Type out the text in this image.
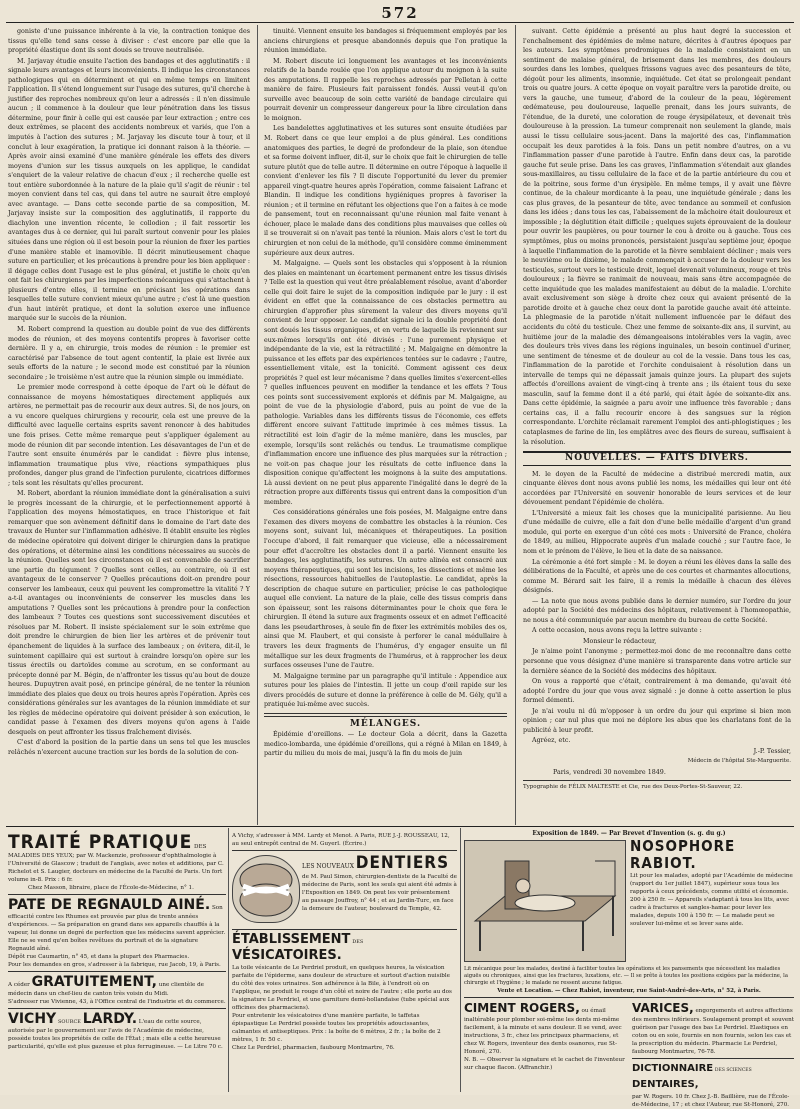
572

goniste d'une puissance inhérente à la vie, la contraction tonique des tissus qu'elle tend sans cesse à diviser : c'est encore par elle que la propriété élastique dont ils sont doués se trouve neutralisée.

M. Jarjavay étudie ensuite l'action des bandages et des agglutinatifs : il signale leurs avantages et leurs inconvénients. Il indique les circonstances pathologiques qui en déterminent et qui en même temps en limitent l'application. Il s'étend longuement sur l'usage des sutures, qu'il cherche à justifier des reproches nombreux qu'on leur a adressés : il n'en dissimule aucun ; il commence à la douleur que leur pénétration dans les tissus détermine, pour finir à celle qui est causée par leur extraction ; entre ces deux extrêmes, se placent des accidents nombreux et variés, que l'on a imputés à l'action des sutures ; M. Jarjavay les discute tour à tour, et il conclut à leur exagération, la pratique ici donnant raison à la théorie. — Après avoir ainsi examiné d'une manière générale les effets des divers moyens d'union sur les tissus auxquels on les applique, le candidat s'enquiert de la valeur relative de chacun d'eux ; il recherche quelle est tout entière subordonnée à la nature de la plaie qu'il s'agit de réunir : tel moyen convient dans tel cas, qui dans tel autre ne saurait être employé avec avantage. — Dans cette seconde partie de sa composition, M. Jarjavay insiste sur la composition des agglutinatifs, il rapporte du diachylon une invention récente, le collodion ; il fait ressortir les avantages dus à ce dernier, qui lui paraît surtout convenir pour les plaies situées dans une région où il est besoin pour la réunion de fixer les parties d'une manière stable et inamovible. Il décrit minutieusement chaque suture en particulier, et les précautions à prendre pour les bien appliquer : il dégage celles dont l'usage est le plus général, et justifie le choix qu'en ont fait les chirurgiens par les imperfections mécaniques qui s'attachent à plusieurs d'entre elles, il termine en précisant les opérations dans lesquelles telle suture convient mieux qu'une autre ; c'est là une question d'un haut intérêt pratique, et dont la solution exerce une influence marquée sur le succès de la réunion.

M. Robert comprend la question au double point de vue des différents modes de réunion, et des moyens contentifs propres à favoriser cette dernière. Il y a, en chirurgie, trois modes de réunion : le premier est caractérisé par l'absence de tout agent contentif, la plaie est livrée aux seuls efforts de la nature ; le second mode est constitué par la réunion secondaire ; le troisième n'est autre que la réunion simple ou immédiate.

Le premier mode correspond à cette époque de l'art où le défaut de connaissance de moyens hémostatiques directement appliqués aux artères, ne permettait pas de recourir aux deux autres. Si, de nos jours, on a vu encore quelques chirurgiens y recourir, cela est une preuve de la difficulté avec laquelle certains esprits savent renoncer à des habitudes une fois prises. Cette même remarque peut s'appliquer également au mode de réunion dit par seconde intention. Les désavantages de l'un et de l'autre sont ensuite énumérés par le candidat : fièvre plus intense, inflammation traumatique plus vive, réactions sympathiques plus profondes, danger plus grand de l'infection purulente, cicatrices difformes ; tels sont les résultats qu'elles procurent.

M. Robert, abordant la réunion immédiate dont la généralisation a suivi le progrès incessant de la chirurgie, et le perfectionnement apporté à l'application des moyens hémostatiques, en trace l'historique et fait remarquer que son avènement définitif dans le domaine de l'art date des travaux de Hunter sur l'inflammation adhésive. Il établit ensuite les règles de médecine opératoire qui doivent diriger le chirurgien dans la pratique des opérations, et détermine ainsi les conditions nécessaires au succès de la réunion. Quelles sont les circonstances où il est convenable de sacrifier une partie du tégument ? Quelles sont celles, au contraire, où il est avantageux de le conserver ? Quelles précautions doit-on prendre pour conserver les lambeaux, ceux qui peuvent les compromettre la vitalité ? Y a-t-il avantages ou inconvénients de conserver les muscles dans les amputations ? Quelles sont les précautions à prendre pour la confection des lambeaux ? Toutes ces questions sont successivement discutées et résolues par M. Robert. Il insiste spécialement sur le soin extrême que doit prendre le chirurgien de bien lier les artères et de prévenir tout épanchement de liquides à la surface des lambeaux ; on évitera, dit-il, le suintement capillaire qui est surtout à craindre lorsqu'on opère sur les tissus érectils ou dartoïdes comme au scrotum, en se conformant au précepte donné par M. Bégin, de n'affronter les tissus qu'au bout de douze heures. Dupuytren avait posé, en principe général, de ne tenter la réunion immédiate des plaies que deux ou trois heures après l'opération. Après ces considérations générales sur les avantages de la réunion immédiate et sur les règles de médecine opératoire qui doivent présider à son exécution, le candidat passe à l'examen des divers moyens qu'on agens à l'aide desquels on peut affronter les tissus fraîchement divisés.

C'est d'abord la position de la partie dans un sens tel que les muscles relâchés n'exercent aucune traction sur les bords de la solution de con-

tinuité. Viennent ensuite les bandages si fréquemment employés par les anciens chirurgiens et presque abandonnés depuis que l'on pratique la réunion immédiate.

M. Robert discute ici longuement les avantages et les inconvénients relatifs de la bande roulée que l'on applique autour du moignon à la suite des amputations. Il rappelle les reproches adressés par Pelletan à cette manière de faire. Plusieurs fait paraissent fondés. Aussi veut-il qu'on surveille avec beaucoup de soin cette variété de bandage circulaire qui pourrait devenir un compresseur dangereux pour la libre circulation dans le moignon.

Les bandelettes agglutinatives et les sutures sont ensuite étudiées par M. Robert dans ce que leur emploi a de plus général. Les conditions anatomiques des parties, le degré de profondeur de la plaie, son étendue et sa forme doivent influer, dit-il, sur le choix que fait le chirurgien de telle suture plutôt que de telle autre. Il détermine en outre l'époque à laquelle il convient d'enlever les fils ? Il discute l'opportunité du lever du premier appareil vingt-quatre heures après l'opération, comme faisaient Lafranc et Blandin. Il indique les conditions hygiéniques propres à favoriser la réunion ; et il termine en réfutant les objections que l'on a faites à ce mode de pansement, tout en reconnaissant qu'une réunion mal faite venant à échouer, place le malade dans des conditions plus mauvaises que celles où il se trouverait si on n'avait pas tenté la réunion. Mais alors c'est le tort du chirurgien et non celui de la méthode, qu'il considère comme éminemment supérieure aux deux autres.

M. Malgaigne. — Quels sont les obstacles qui s'opposent à la réunion des plaies en maintenant un écartement permanent entre les tissus divisés ? Telle est la question qui veut être préalablement résolue, avant d'aborder celle qui doit faire le sujet de la composition indiquée par le jury : il est évident en effet que la connaissance de ces obstacles permettra au chirurgien d'approfier plus sûrement la valeur des divers moyens qu'il convient de leur opposer. Le candidat signale ici la double propriété dont sont doués les tissus organiques, et en vertu de laquelle ils reviennent sur eux-mêmes lorsqu'ils ont été divisés : l'une purement physique et indépendante de la vie, est la rétractilité ; M. Malgaigne en démontre la puissance et les effets par des expériences tentées sur le cadavre ; l'autre, essentiellement vitale, est la tonicité. Comment agissent ces deux propriétés ? quel est leur mécanisme ? dans quelles limites s'exercent-elles ? quelles influences peuvent en modifier la tendance et les effets ? Tous ces points sont successivement explorés et définis par M. Malgaigne, au point de vue de la physiologie d'abord, puis au point de vue de la pathologie. Variables dans les différents tissus de l'économie, ces effets diffèrent encore suivant l'attitude imprimée à ces mêmes tissus. La rétractilité est loin d'agir de la même manière, dans les muscles, par exemple, lorsqu'ils sont relâchés ou tendus. Le traumatisme complique d'inflammation encore une influence des plus marquées sur la rétraction ; ne voit-on pas chaque jour les résultats de cette influence dans la disposition conique qu'affectent les moignons à la suite des amputations. Là aussi devient on ne peut plus apparente l'inégalité dans le degré de la rétraction propre aux différents tissus qui entrent dans la composition d'un membre.

Ces considérations générales une fois posées, M. Malgaigne entre dans l'examen des divers moyens de combattre les obstacles à la réunion. Ces moyens sont, suivant lui, mécaniques et thérapeutiques. La position l'occupe d'abord, il fait remarquer que vicieuse, elle a nécessairement pour effet d'accroître les obstacles dont il a parlé. Viennent ensuite les bandages, les agglutinatifs, les sutures. Un autre alinéa est consacré aux moyens thérapeutiques, qui sont les incisions, les dissections et même les résections, ressources habituelles de l'autoplastie. Le candidat, après la description de chaque suture en particulier, précise le cas pathologique auquel elle convient. La nature de la plaie, celle des tissus compris dans son épaisseur, sont les raisons déterminantes pour le choix que fera le chirurgien. Il étend la suture aux fragments osseux et en admet l'efficacité dans les pseudarthroses, à seule fin de fixer les extrémités mobiles des os, ainsi que M. Flaubert, et qui consiste à perforer le canal médullaire à travers les deux fragments de l'humérus, d'y engager ensuite un fil métallique sur les deux fragments de l'humérus, et à rapprocher les deux surfaces osseuses l'une de l'autre.

M. Malgaigne termine par un paragraphe qu'il intitule : Appendice aux sutures pour les plaies de l'intestin. Il jette un coup d'œil rapide sur les divers procédés de suture et donne la préférence à celle de M. Gély, qu'il a pratiquée lui-même avec succès.

MÉLANGES.

Épidémie d'oreillons. — Le docteur Gola a décrit, dans la Gazetta medico-lombarda, une épidémie d'oreillons, qui a régné à Milan en 1849, à partir du milieu du mois de mai, jusqu'à la fin du mois de juin

suivant. Cette épidémie a présenté au plus haut degré la succession et l'enchaînement des épidémies de même nature, décrites à d'autres époques par les auteurs. Les symptômes prodromiques de la maladie consistaient en un sentiment de malaise général, de brisement dans les membres, des douleurs sourdes dans les lombes, quelques frissons vagues avec des pesanteurs de tête, dégoût pour les aliments, insomnie, inquiétude. Cet état se prolongeait pendant trois ou quatre jours. A cette époque on voyait paraître vers la parotide droite, ou vers la gauche, une tumeur, d'abord de la couleur de la peau, légèrement œdémateuse, peu douloureuse, laquelle prenait, dans les jours suivants, de l'étendue, de la dureté, une coloration de rouge érysipélateux, et devenait très douloureuse à la pression. La tumeur comprenait non seulement la glande, mais aussi le tissu cellulaire sous-jacent. Dans la majorité des cas, l'inflammation occupait les deux parotides à la fois. Dans un petit nombre d'autres, on a vu l'inflammation passer d'une parotide à l'autre. Enfin dans deux cas, la parotide gauche fut seule prise. Dans les cas graves, l'inflammation s'étendait aux glandes sous-maxillaires, au tissu cellulaire de la face et de la partie antérieure du cou et de la poitrine, sous forme d'un érysipèle. En même temps, il y avait une fièvre continue, de la chaleur mordicante à la peau, une inquiétude générale ; dans les cas plus graves, de la pesanteur de tête, avec tendance au sommeil et confusion dans les idées ; dans tous les cas, l'abaissement de la mâchoire était douloureux et impossible ; la déglutition était difficile ; quelques sujets éprouvaient de la douleur pour ouvrir les paupières, ou pour tourner le cou à droite ou à gauche. Tous ces symptômes, plus ou moins prononcés, persistaient jusqu'au septième jour, époque à laquelle l'inflammation de la parotide et la fièvre semblaient décliner ; mais vers le neuvième ou le dixième, le malade commençait à accuser de la douleur vers les testicules, surtout vers le testicule droit, lequel devenait volumineux, rouge et très douloureux ; la fièvre se ranimait de nouveau, mais sans être accompagnée de cette inquiétude que les malades manifestaient au début de la maladie. L'orchite avait exclusivement son siège à droite chez ceux qui avaient présenté de la parotide droite et à gauche chez ceux dont la parotide gauche avait été atteinte. La phlegmasie de la parotide n'était nullement influencée par le défaut des accidents du côté du testicule. Chez une femme de soixante-dix ans, il survint, au huitième jour de la maladie des démangeaisons intolérables vers la vagin, avec des douleurs très vives dans les régions inguinales, un besoin continuel d'uriner, une sentiment de ténesme et de douleur au col de la vessie. Dans tous les cas, l'inflammation de la parotide et l'orchite conduisaient à résolution dans un intervalle de temps qui ne dépassait jamais quinze jours. La plupart des sujets affectés d'oreillons avaient de vingt-cinq à trente ans ; ils étaient tous du sexe masculin, sauf la femme dont il a été parlé, qui était âgée de soixante-dix ans. Dans cette épidémie, la saignée a paru avoir une influence très favorable ; dans certains cas, il a fallu recourir encore à des sangsues sur la région correspondante. L'orchite réclamait rarement l'emploi des anti-phlogistiques ; les cataplasmes de farine de lin, les emplâtres avec des fleurs de sureau, suffisaient à la résolution.

NOUVELLES. — FAITS DIVERS.

M. le doyen de la Faculté de médecine a distribué mercredi matin, aux cinquante élèves dont nous avons publié les noms, les médailles qui leur ont été accordées par l'Université en souvenir honorable de leurs services et de leur dévouement pendant l'épidémie de choléra.

L'Université a mieux fait les choses que la municipalité parisienne. Au lieu d'une médaille de cuivre, elle a fait don d'une belle médaille d'argent d'un grand module, qui porte en exergue d'un côté ces mots : Université de France, choléra de 1849, au milieu, Hippocrate auprès d'un malade couché ; sur l'autre face, le nom et le prénom de l'élève, le lieu et la date de sa naissance.

La cérémonie a été fort simple : M. le doyen a réuni les élèves dans la salle des délibérations de la Faculté, et après une de ces courtes et charmantes allocutions, comme M. Bérard sait les faire, il a remis la médaille à chacun des élèves désignés.

— La note que nous avons publiée dans le dernier numéro, sur l'ordre du jour adopté par la Société des médecins des hôpitaux, relativement à l'homœopathie, ne nous a été communiquée par aucun membre du bureau de cette Société.

A cette occasion, nous avons reçu la lettre suivante :

Monsieur le rédacteur,

Je n'aime point l'anonyme ; permettez-moi donc de me reconnaître dans cette personne que vous désignez d'une manière si transparente dans votre article sur la dernière séance de la Société des médecins des hôpitaux.

On vous a rapporté que c'était, contrairement à ma demande, qu'avait été adopté l'ordre du jour que vous avez signalé : je donne à cette assertion le plus formel démenti.

Je n'ai voulu ni dû m'opposer à un ordre du jour qui exprime si bien mon opinion ; car nul plus que moi ne déplore les abus que les charlatans font de la publicité à leur profit.

Agréez, etc.

J.-P. Tessier,

Médecin de l'hôpital Ste-Marguerite.

Paris, vendredi 30 novembre 1849.

Typographie de FÉLIX MALTESTE et Cie, rue des Deux-Portes-St-Sauveur, 22.

TRAITÉ PRATIQUE DES MALADIES DES YEUX; par W. Mackenzie, professeur d'ophthalmologie à l'Université de Glascow ; traduit de l'anglais, avec notes et additions, par C. Richelot et S. Laugier, docteurs en médecine de la Faculté de Paris. Un fort volume in-8. Prix : 6 fr.
Chez Masson, libraire, place de l'École-de-Médecine, n° 1.
PATE DE REGNAULD AINÉ. Son efficacité contre les Rhumes est prouvée par plus de trente années d'expériences. — Sa préparation en grand dans ses appareils chauffés à la vapeur, lui donne un degré de perfection que les médecins savent apprécier.
Elle ne se vend qu'en boîtes revêtues du portrait et de la signature Regnauld aîné.
Dépôt rue Caumartin, n° 45, et dans la plupart des Pharmacies.
Pour les demandes en gros, s'adresser à la fabrique, rue Jacob, 19, à Paris.
A céder GRATUITEMENT, une clientèle de médecin dans un chef-lieu de canton très voisin du Midi.
S'adresser rue Vivienne, 43, à l'Office central de l'industrie et du commerce.
VICHY SOURCE LARDY. L'eau de cette source, autorisée par le gouvernement sur l'avis de l'Académie de médecine, possède toutes les propriétés de celle de l'État ; mais elle a cette heureuse particularité, qu'elle est plus gazeuse et plus ferrugineuse. — Le Litre 70 c.
A Vichy, s'adresser à MM. Lardy et Menot. A Paris, RUE J.-J. ROUSSEAU, 12, au seul entrepôt central de M. Guyerl. (Écrire.)
LES NOUVEAUX DENTIERS
de M. Paul Simon, chirurgien-dentiste de la Faculté de médecine de Paris, sont les seuls qui aient été admis à l'Exposition en 1849. On peut les voir présentement au passage Jouffroy, n° 44 ; et au Jardin-Turc, en face la demeure de l'auteur, boulevard du Temple, 42.
ÉTABLISSEMENT DES VÉSICATOIRES.
La toile vésicante de Le Perdriel produit, en quelques heures, la vésication parfaite de l'épiderme, sans douleur de structure et surtout d'action nuisible du côté des voies urinaires. Son adhérence à la Bile, à l'endroit où on l'applique, ne produit le rouge d'un côté et noire de l'autre ; elle porte au dos la signature Le Perdriel, et une garniture demi-hollandaise (tube spécial aux officines des pharmaciens).
Pour entretenir les vésicatoires d'une manière parfaite, le taffetas épispastique Le Perdriel possède toutes les propriétés adoucissantes, calmantes et antiseptiques. Prix : la boîte de 6 mètres, 2 fr. ; la boîte de 2 mètres, 1 fr. 50 c.
Chez Le Perdriel, pharmacien, faubourg Montmartre, 76.
Exposition de 1849. — Par Brevet d'Invention (s. g. du g.)
NOSOPHORE RABIOT.
Lit pour les malades, adopté par l'Académie de médecine (rapport du 1er juillet 1847), supérieur sous tous les rapports à ceux précédents, comme utilité et économie. 200 à 250 fr. — Appareils s'adaptant à tous les lits, avec cadre à fractures et sangles-hamac pour lever les malades, depuis 100 à 150 fr. — Le malade peut se soulever lui-même et se lever sans aide.
Lit mécanique pour les malades, destiné à faciliter toutes les opérations et les pansements que nécessitent les maladies aiguës ou chroniques, ainsi que les fractures, luxations, etc. — Il se prête à toutes les positions exigées par la médecine, la chirurgie et l'hygiène ; le malade ne ressent aucune fatigue.
Vente et Location. — Chez Rabiot, inventeur, rue Saint-André-des-Arts, n° 52, à Paris.
CIMENT ROGERS, ou émail inaltérable pour plomber soi-même les dents mi-même facilement, à la minute et sans douleur. Il se vend, avec instructions, 3 fr., chez les principaux pharmaciens, et chez W. Rogers, inventeur des dents osanores, rue St-Honoré, 270.
N. B. — Observer la signature et le cachet de l'inventeur sur chaque flacon. (Affranchir.)
VARICES, engorgements et autres affections des membres inférieurs. Soulagement prompt et souvent guérison par l'usage des bas Le Perdriel. Elastiques en coton ou en soie, fournis en non fournis, selon les cas et la prescription du médecin. Pharmacie Le Perdriel, faubourg Montmartre, 76-78.
DICTIONNAIRE DES SCIENCES DENTAIRES,
par W. Rogers. 10 fr. Chez J.-B. Baillière, rue de l'École-de-Médecine, 17 ; et chez l'Auteur, rue St-Honoré, 270.
